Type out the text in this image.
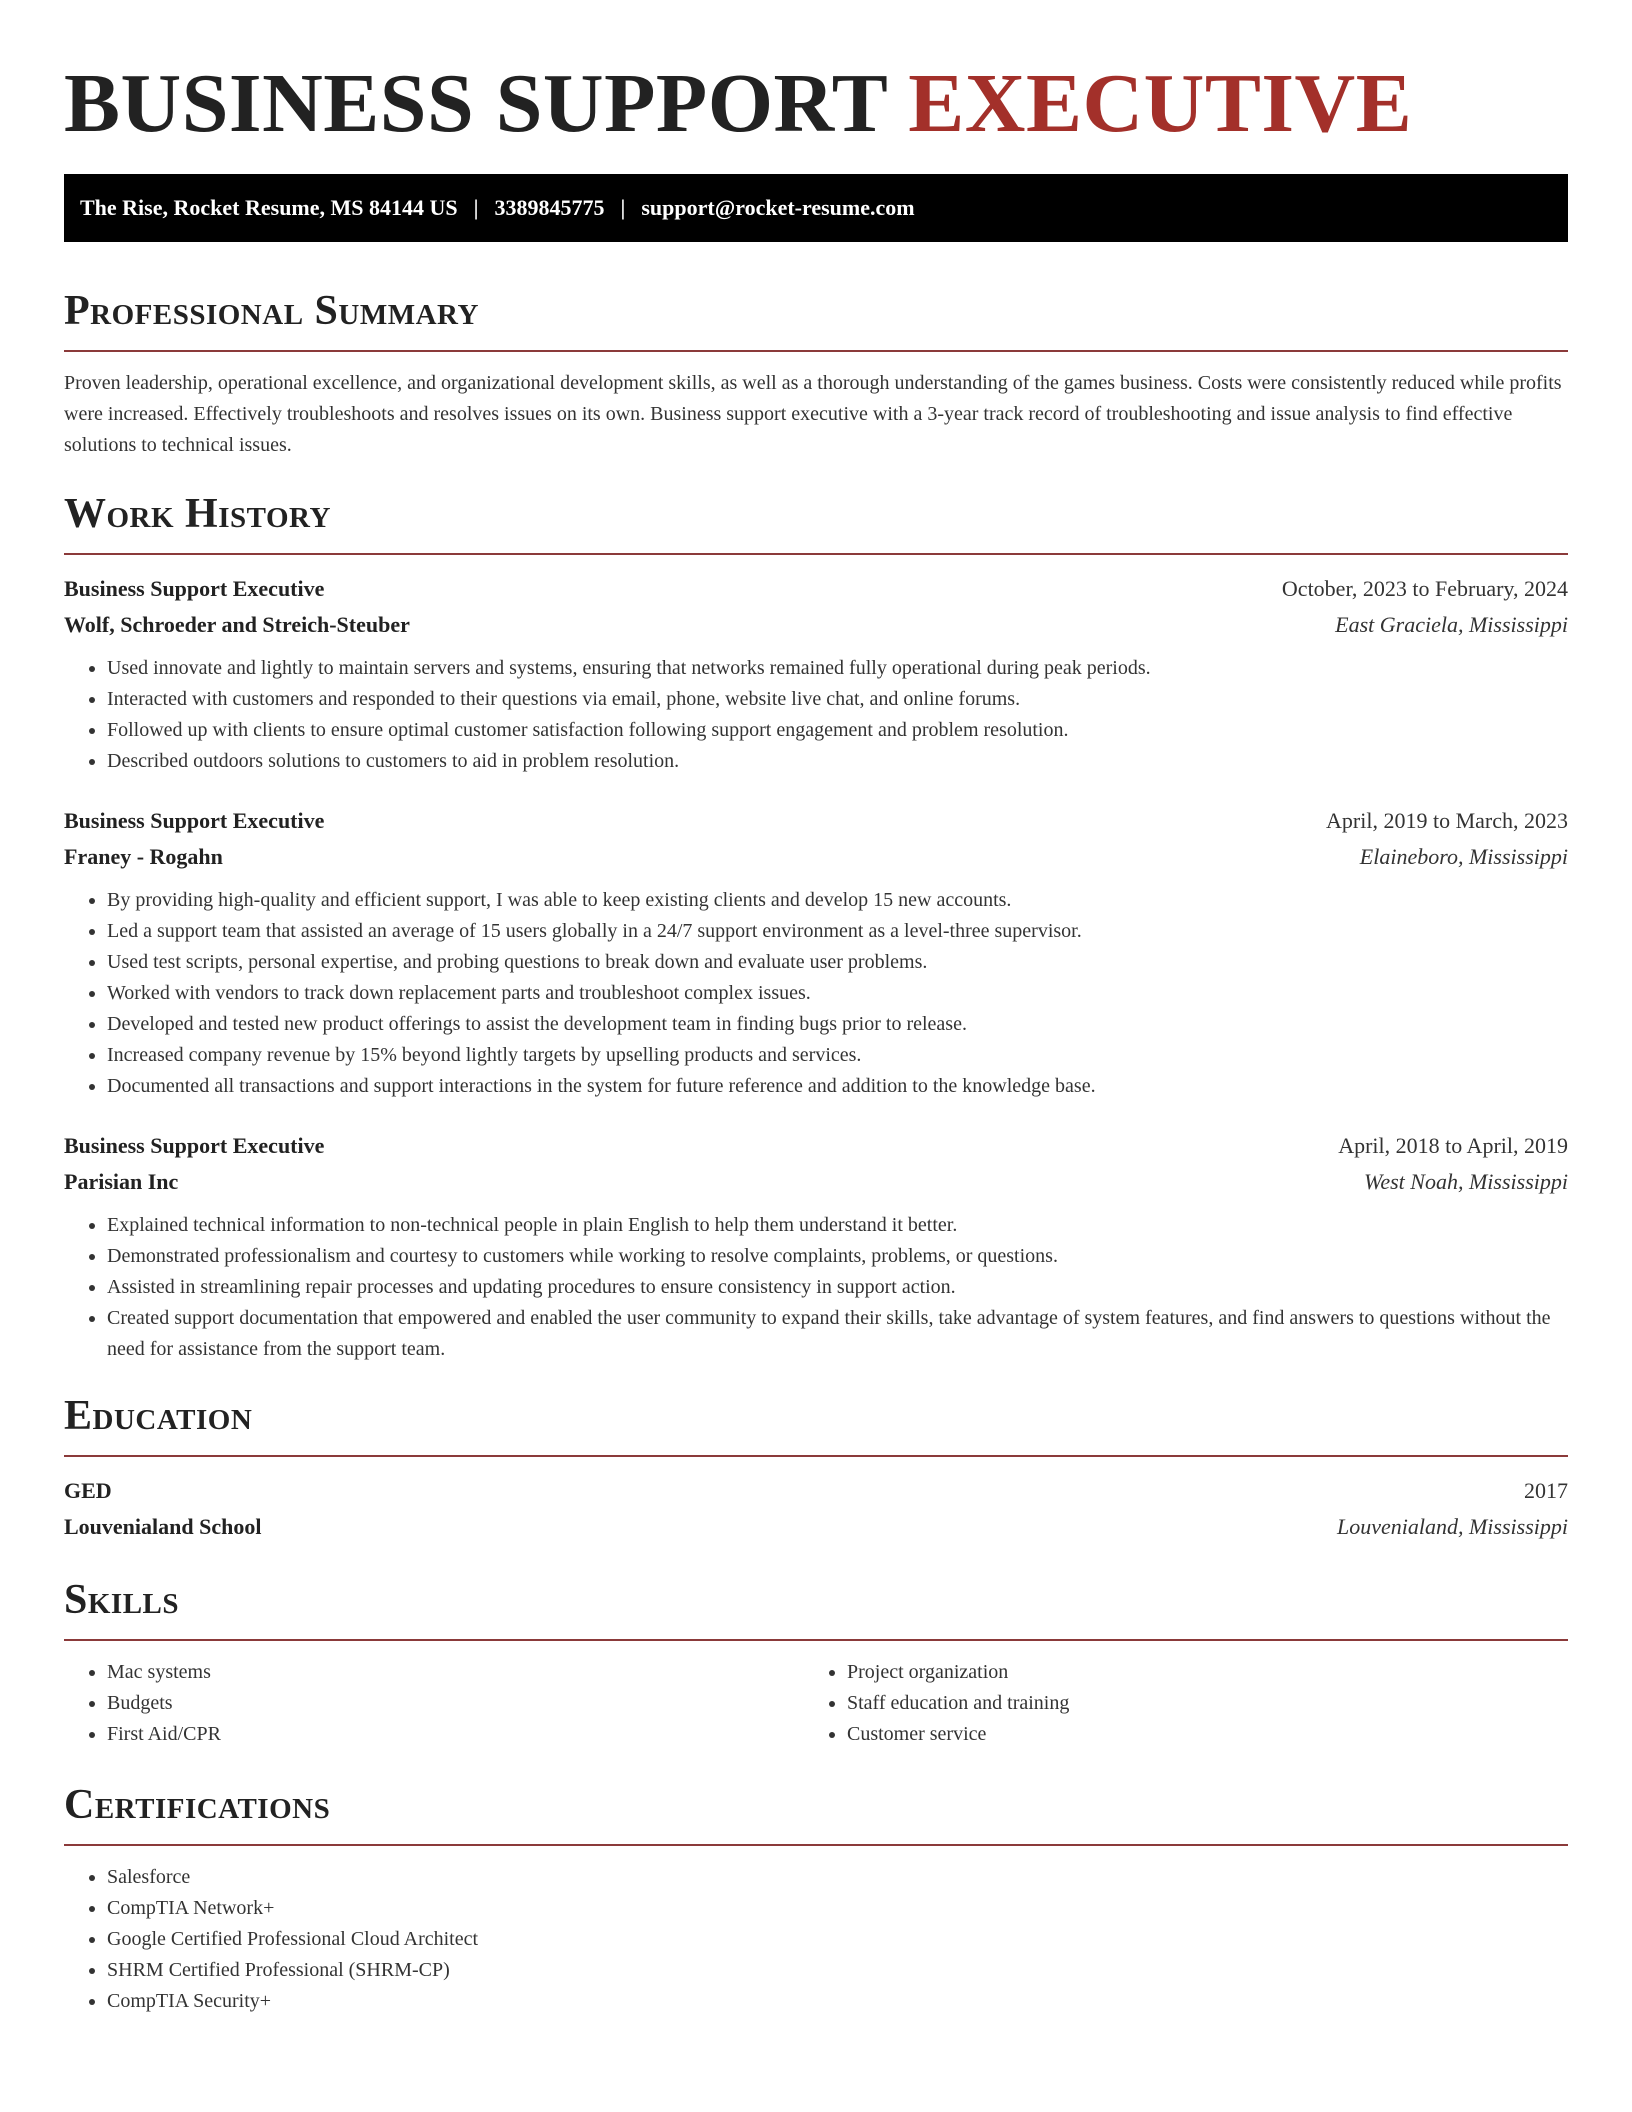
BUSINESS SUPPORT EXECUTIVE
The Rise, Rocket Resume, MS 84144 US | 3389845775 | support@rocket-resume.com
Professional Summary

Proven leadership, operational excellence, and organizational development skills, as well as a thorough understanding of the games business. Costs were consistently reduced while profits were increased. Effectively troubleshoots and resolves issues on its own. Business support executive with a 3-year track record of troubleshooting and issue analysis to find effective solutions to technical issues.

Work History
Business Support Executive	October, 2023 to February, 2024
Wolf, Schroeder and Streich-Steuber	East Graciela, Mississippi
• Used innovate and lightly to maintain servers and systems, ensuring that networks remained fully operational during peak periods.
• Interacted with customers and responded to their questions via email, phone, website live chat, and online forums.
• Followed up with clients to ensure optimal customer satisfaction following support engagement and problem resolution.
• Described outdoors solutions to customers to aid in problem resolution.
Business Support Executive	April, 2019 to March, 2023
Franey - Rogahn	Elaineboro, Mississippi
• By providing high-quality and efficient support, I was able to keep existing clients and develop 15 new accounts.
• Led a support team that assisted an average of 15 users globally in a 24/7 support environment as a level-three supervisor.
• Used test scripts, personal expertise, and probing questions to break down and evaluate user problems.
• Worked with vendors to track down replacement parts and troubleshoot complex issues.
• Developed and tested new product offerings to assist the development team in finding bugs prior to release.
• Increased company revenue by 15% beyond lightly targets by upselling products and services.
• Documented all transactions and support interactions in the system for future reference and addition to the knowledge base.
Business Support Executive	April, 2018 to April, 2019
Parisian Inc	West Noah, Mississippi
• Explained technical information to non-technical people in plain English to help them understand it better.
• Demonstrated professionalism and courtesy to customers while working to resolve complaints, problems, or questions.
• Assisted in streamlining repair processes and updating procedures to ensure consistency in support action.
• Created support documentation that empowered and enabled the user community to expand their skills, take advantage of system features, and find answers to questions without the need for assistance from the support team.
Education
GED	2017
Louvenialand School	Louvenialand, Mississippi
Skills
• Mac systems
• Budgets
• First Aid/CPR
• Project organization
• Staff education and training
• Customer service
Certifications
• Salesforce
• CompTIA Network+
• Google Certified Professional Cloud Architect
• SHRM Certified Professional (SHRM-CP)
• CompTIA Security+
